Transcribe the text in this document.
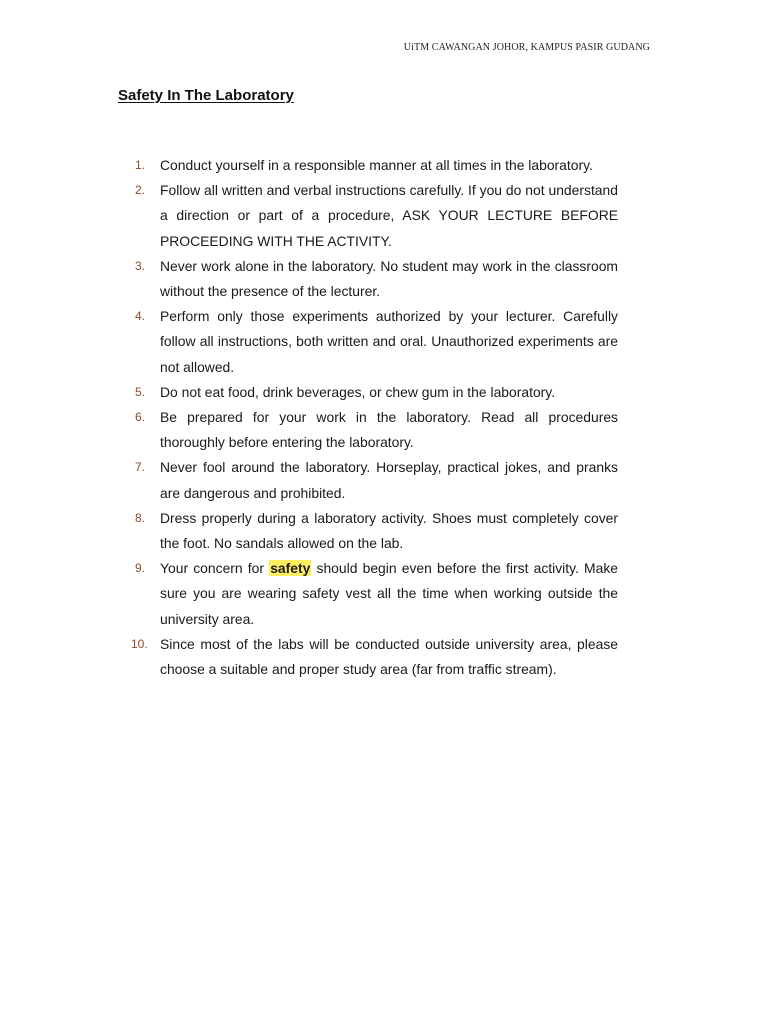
UiTM CAWANGAN JOHOR, KAMPUS PASIR GUDANG
Safety In The Laboratory
1.	Conduct yourself in a responsible manner at all times in the laboratory.
2.	Follow all written and verbal instructions carefully. If you do not understand a direction or part of a procedure, ASK YOUR LECTURE BEFORE PROCEEDING WITH THE ACTIVITY.
3.	Never work alone in the laboratory. No student may work in the classroom without the presence of the lecturer.
4.	Perform only those experiments authorized by your lecturer. Carefully follow all instructions, both written and oral. Unauthorized experiments are not allowed.
5.	Do not eat food, drink beverages, or chew gum in the laboratory.
6.	Be prepared for your work in the laboratory. Read all procedures thoroughly before entering the laboratory.
7.	Never fool around the laboratory. Horseplay, practical jokes, and pranks are dangerous and prohibited.
8.	Dress properly during a laboratory activity. Shoes must completely cover the foot. No sandals allowed on the lab.
9.	Your concern for safety should begin even before the first activity. Make sure you are wearing safety vest all the time when working outside the university area.
10. Since most of the labs will be conducted outside university area, please choose a suitable and proper study area (far from traffic stream).
